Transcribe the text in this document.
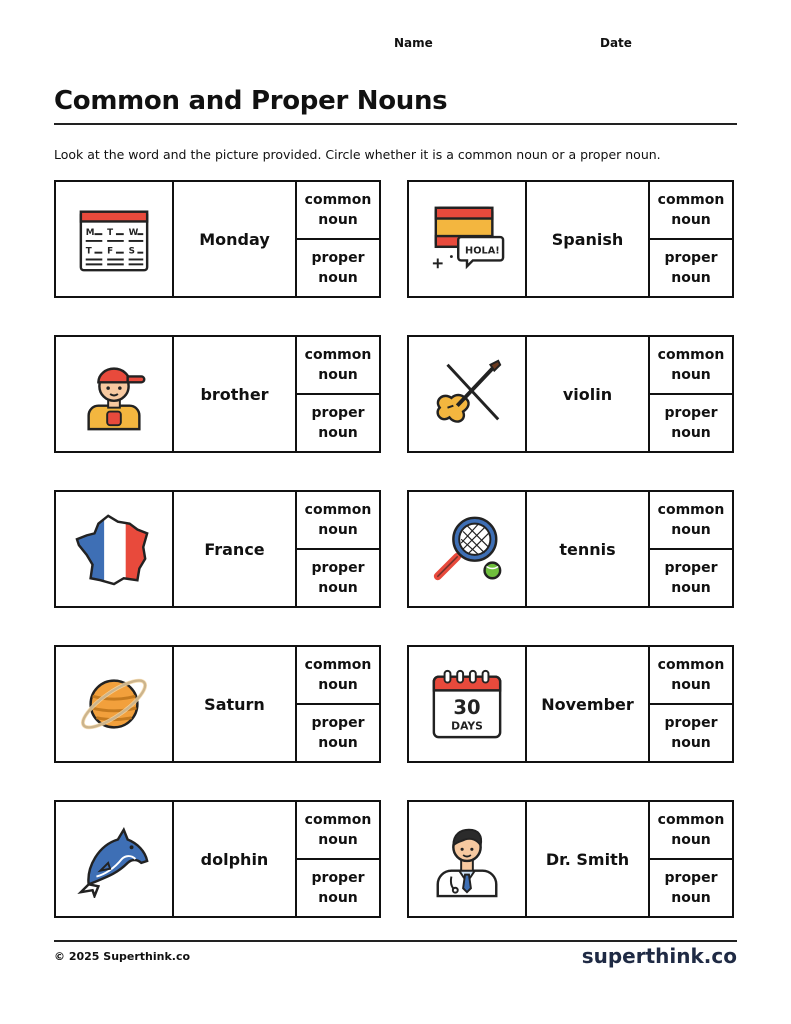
Name	Date
Common and Proper Nouns
Look at the word and the picture provided. Circle whether it is a common noun or a proper noun.
M T W
T F S
Monday
common
noun
proper
noun
HOLA!
Spanish
common
noun
proper
noun
brother
common
noun
proper
noun
violin
common
noun
proper
noun
France
common
noun
proper
noun
tennis
common
noun
proper
noun
Saturn
common
noun
proper
noun
30
DAYS
November
common
noun
proper
noun
dolphin
common
noun
proper
noun
Dr. Smith
common
noun
proper
noun
© 2025 Superthink.co	superthink.co
